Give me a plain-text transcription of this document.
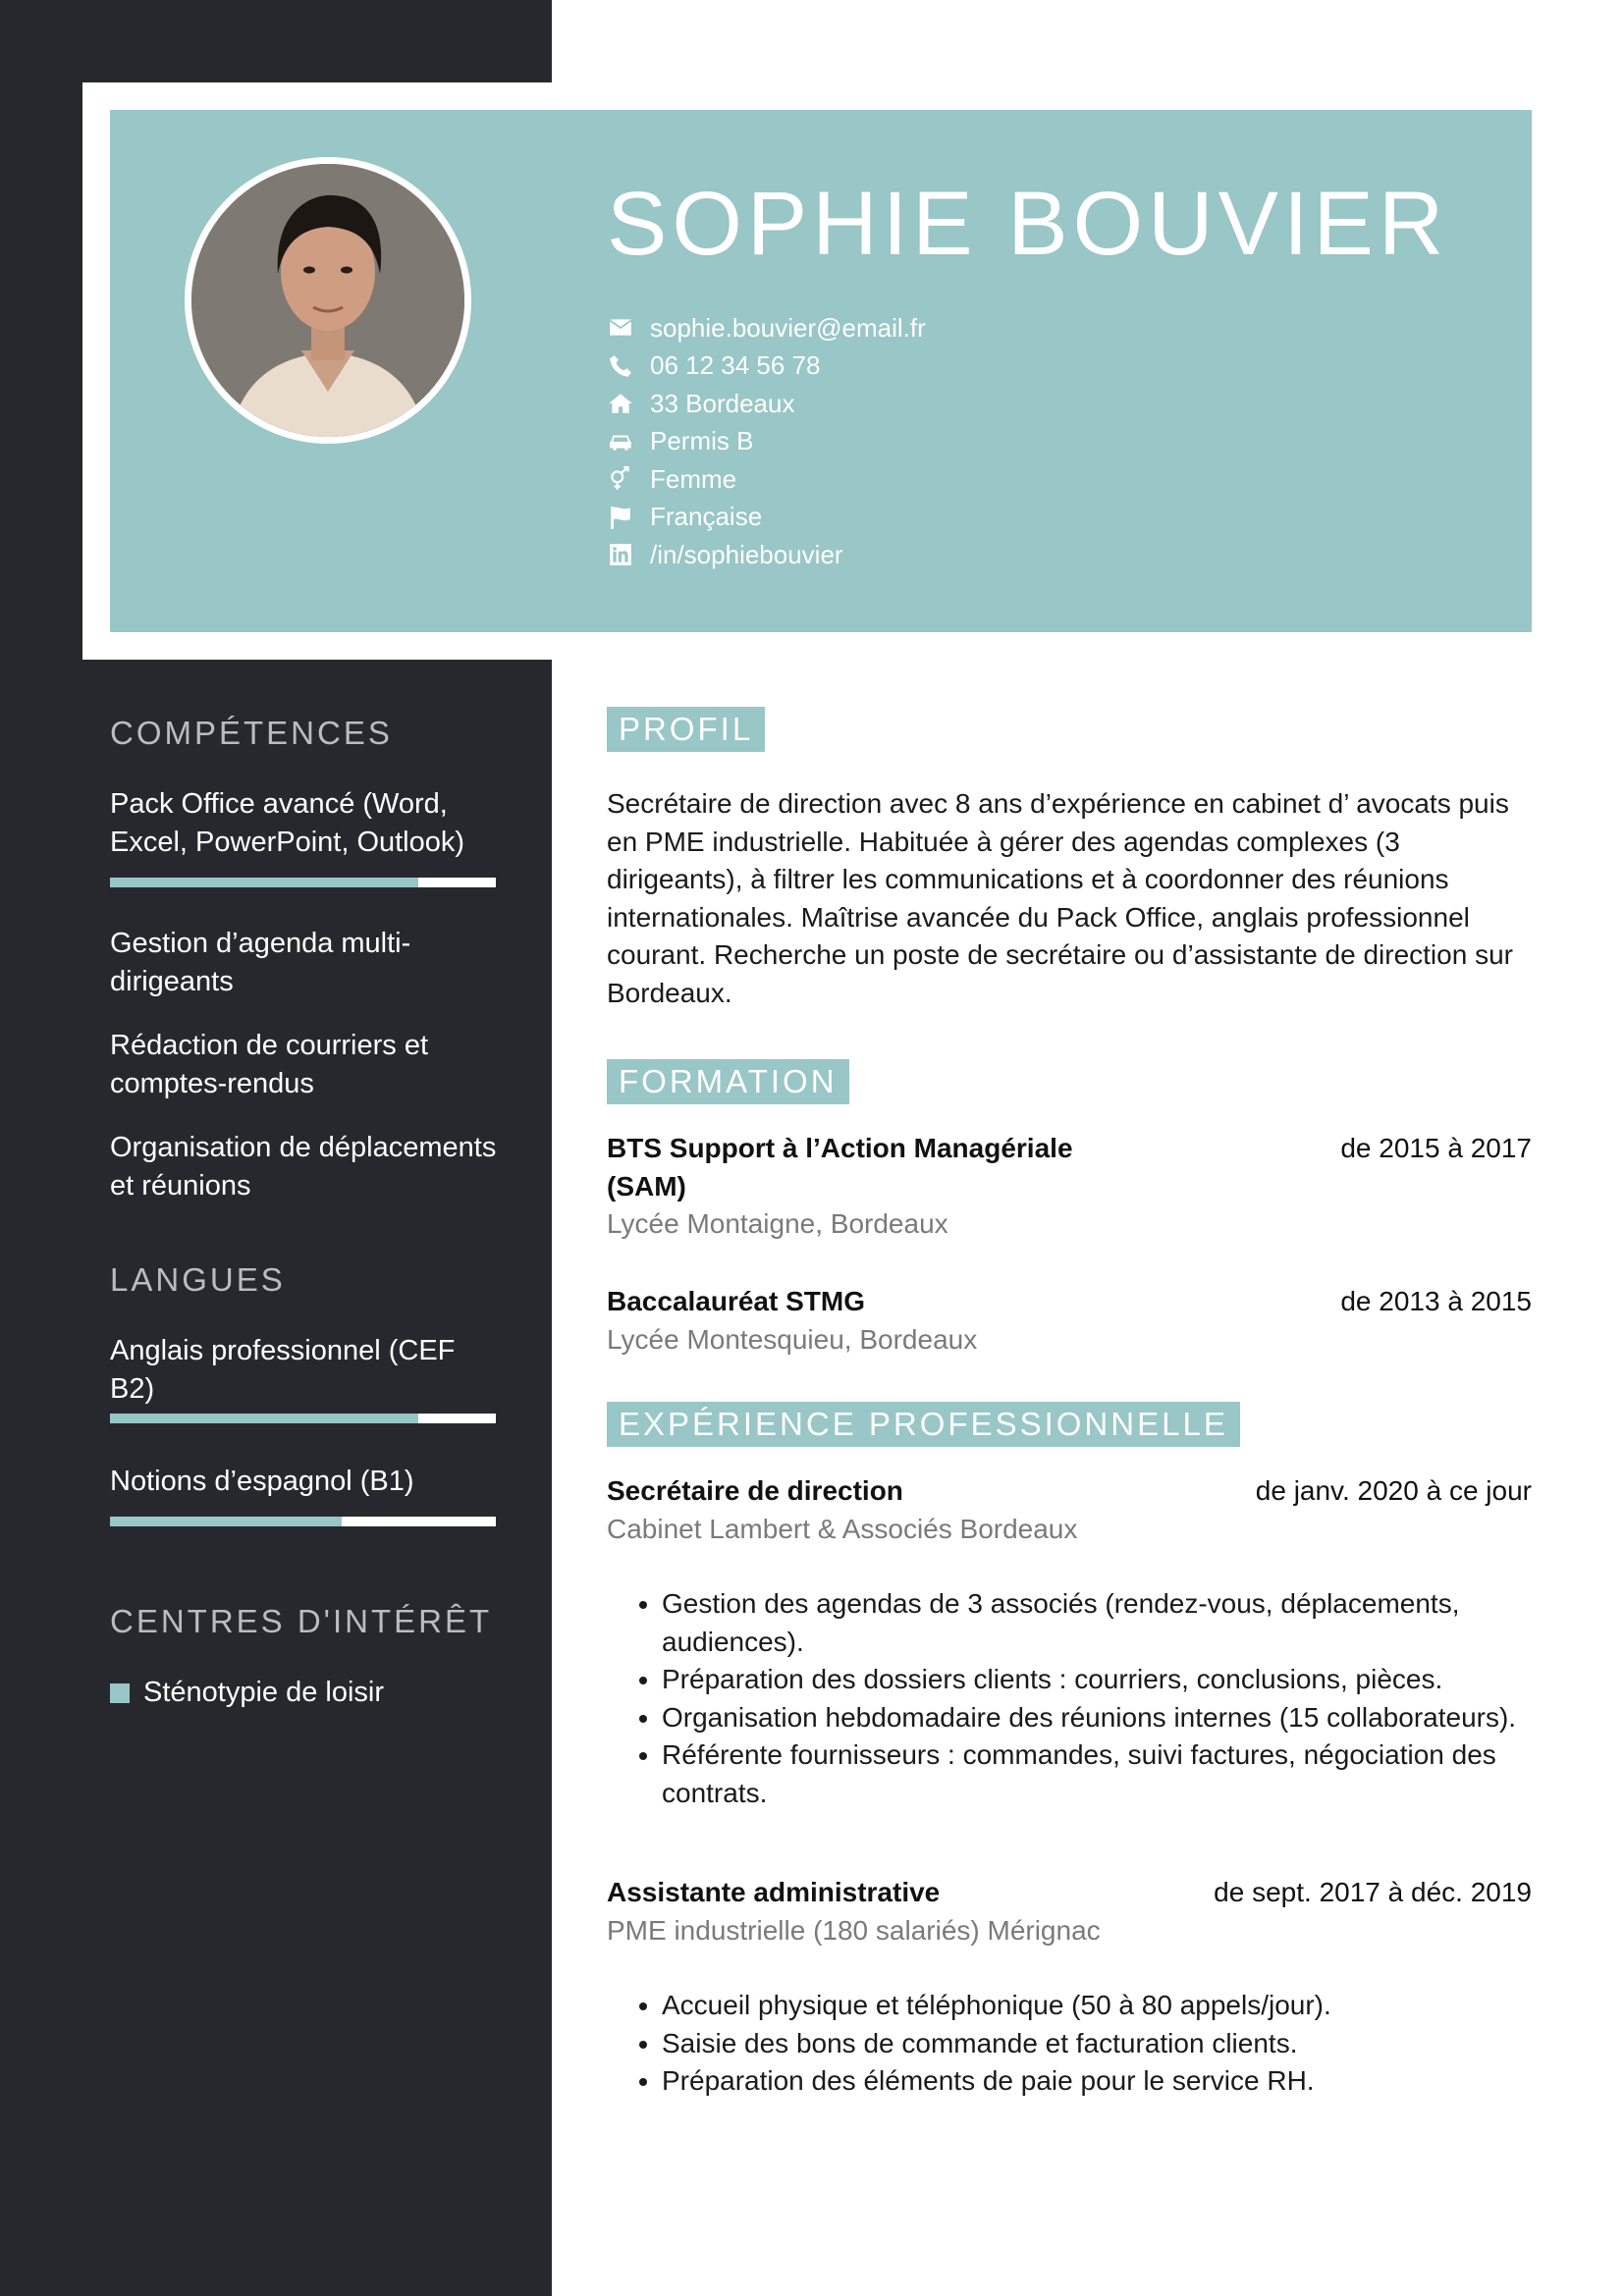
SOPHIE BOUVIER
sophie.bouvier@email.fr
06 12 34 56 78
33 Bordeaux
Permis B
Femme
Française
/in/sophiebouvier
COMPÉTENCES

Pack Office avancé (Word, Excel, PowerPoint, Outlook)

Gestion d’agenda multi-dirigeants

Rédaction de courriers et comptes-rendus

Organisation de déplacements et réunions

LANGUES

Anglais professionnel (CEF B2)

Notions d’espagnol (B1)

CENTRES D'INTÉRÊT

Sténotypie de loisir

PROFIL

Secrétaire de direction avec 8 ans d’expérience en cabinet d’ avocats puis en PME industrielle. Habituée à gérer des agendas complexes (3 dirigeants), à filtrer les communications et à coordonner des réunions internationales. Maîtrise avancée du Pack Office, anglais professionnel courant. Recherche un poste de secrétaire ou d’assistante de direction sur Bordeaux.

FORMATION
BTS Support à l’Action Managériale (SAM)
de 2015 à 2017
Lycée Montaigne, Bordeaux
Baccalauréat STMG	de 2013 à 2015
Lycée Montesquieu, Bordeaux
EXPÉRIENCE PROFESSIONNELLE
Secrétaire de direction	de janv. 2020 à ce jour
Cabinet Lambert & Associés Bordeaux
• Gestion des agendas de 3 associés (rendez-vous, déplacements, audiences).
• Préparation des dossiers clients : courriers, conclusions, pièces.
• Organisation hebdomadaire des réunions internes (15 collaborateurs).
• Référente fournisseurs : commandes, suivi factures, négociation des contrats.
Assistante administrative	de sept. 2017 à déc. 2019
PME industrielle (180 salariés) Mérignac
• Accueil physique et téléphonique (50 à 80 appels/jour).
• Saisie des bons de commande et facturation clients.
• Préparation des éléments de paie pour le service RH.
